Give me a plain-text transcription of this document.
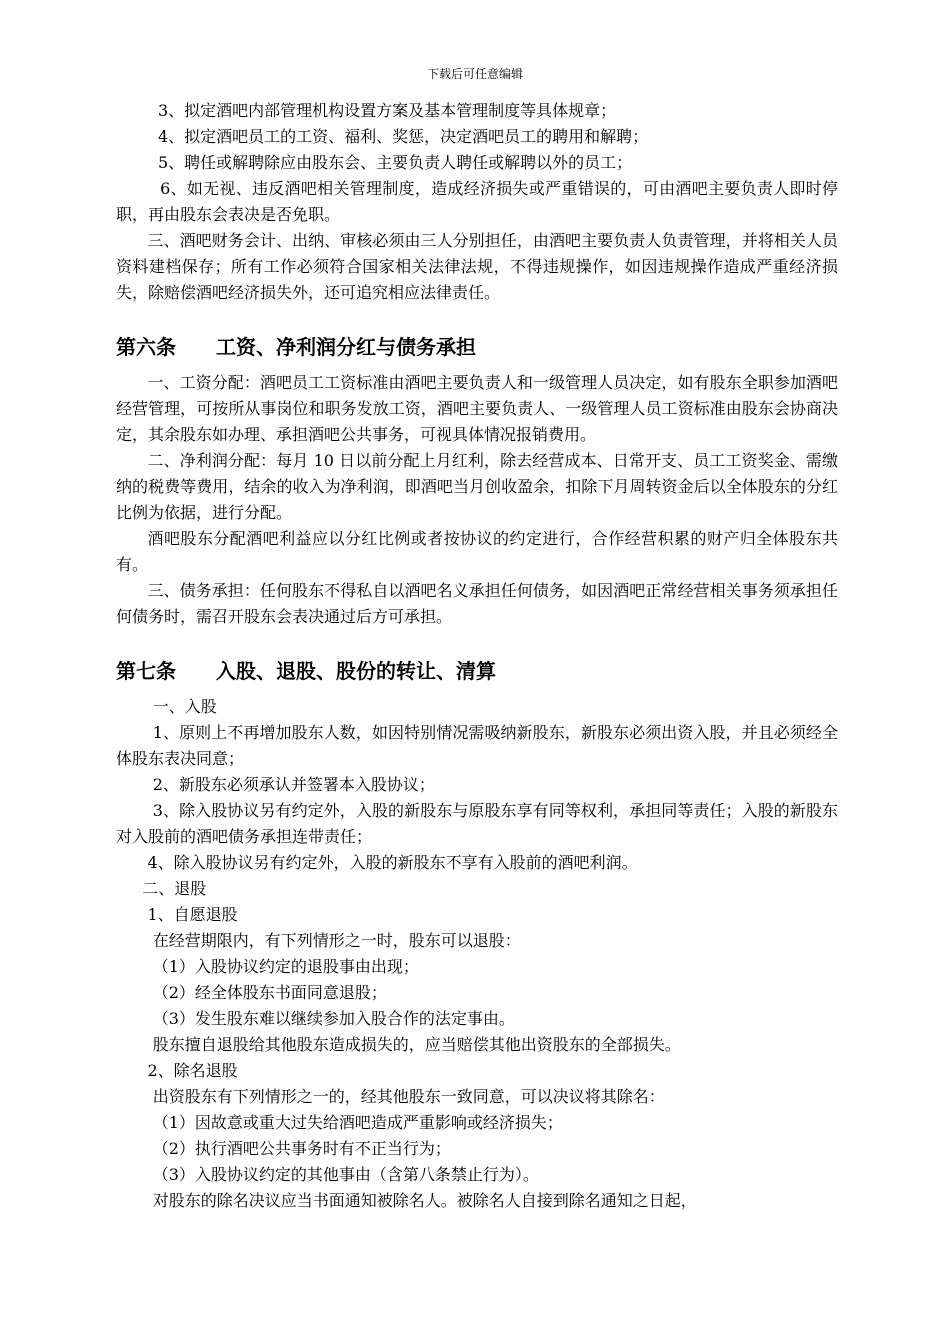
下载后可任意编辑

3、拟定酒吧内部管理机构设置方案及基本管理制度等具体规章；

4、拟定酒吧员工的工资、福利、奖惩，决定酒吧员工的聘用和解聘；

5、聘任或解聘除应由股东会、主要负责人聘任或解聘以外的员工；

6、如无视、违反酒吧相关管理制度，造成经济损失或严重错误的，可由酒吧主要负责人即时停职，再由股东会表决是否免职。

三、酒吧财务会计、出纳、审核必须由三人分别担任，由酒吧主要负责人负责管理，并将相关人员资料建档保存；所有工作必须符合国家相关法律法规，不得违规操作，如因违规操作造成严重经济损失，除赔偿酒吧经济损失外，还可追究相应法律责任。

第六条　　工资、净利润分红与债务承担

一、工资分配：酒吧员工工资标准由酒吧主要负责人和一级管理人员决定，如有股东全职参加酒吧经营管理，可按所从事岗位和职务发放工资，酒吧主要负责人、一级管理人员工资标准由股东会协商决定，其余股东如办理、承担酒吧公共事务，可视具体情况报销费用。

二、净利润分配：每月 10 日以前分配上月红利，除去经营成本、日常开支、员工工资奖金、需缴纳的税费等费用，结余的收入为净利润，即酒吧当月创收盈余，扣除下月周转资金后以全体股东的分红比例为依据，进行分配。

酒吧股东分配酒吧利益应以分红比例或者按协议的约定进行，合作经营积累的财产归全体股东共有。

三、债务承担：任何股东不得私自以酒吧名义承担任何债务，如因酒吧正常经营相关事务须承担任何债务时，需召开股东会表决通过后方可承担。

第七条　　入股、退股、股份的转让、清算

一、入股

1、原则上不再增加股东人数，如因特别情况需吸纳新股东，新股东必须出资入股，并且必须经全体股东表决同意；

2、新股东必须承认并签署本入股协议；

3、除入股协议另有约定外，入股的新股东与原股东享有同等权利，承担同等责任；入股的新股东对入股前的酒吧债务承担连带责任；

4、除入股协议另有约定外，入股的新股东不享有入股前的酒吧利润。

二、退股

1、自愿退股

在经营期限内，有下列情形之一时，股东可以退股：

（1）入股协议约定的退股事由出现；

（2）经全体股东书面同意退股；

（3）发生股东难以继续参加入股合作的法定事由。

股东擅自退股给其他股东造成损失的，应当赔偿其他出资股东的全部损失。

2、除名退股

出资股东有下列情形之一的，经其他股东一致同意，可以决议将其除名：

（1）因故意或重大过失给酒吧造成严重影响或经济损失；

（2）执行酒吧公共事务时有不正当行为；

（3）入股协议约定的其他事由（含第八条禁止行为）。

对股东的除名决议应当书面通知被除名人。被除名人自接到除名通知之日起，
